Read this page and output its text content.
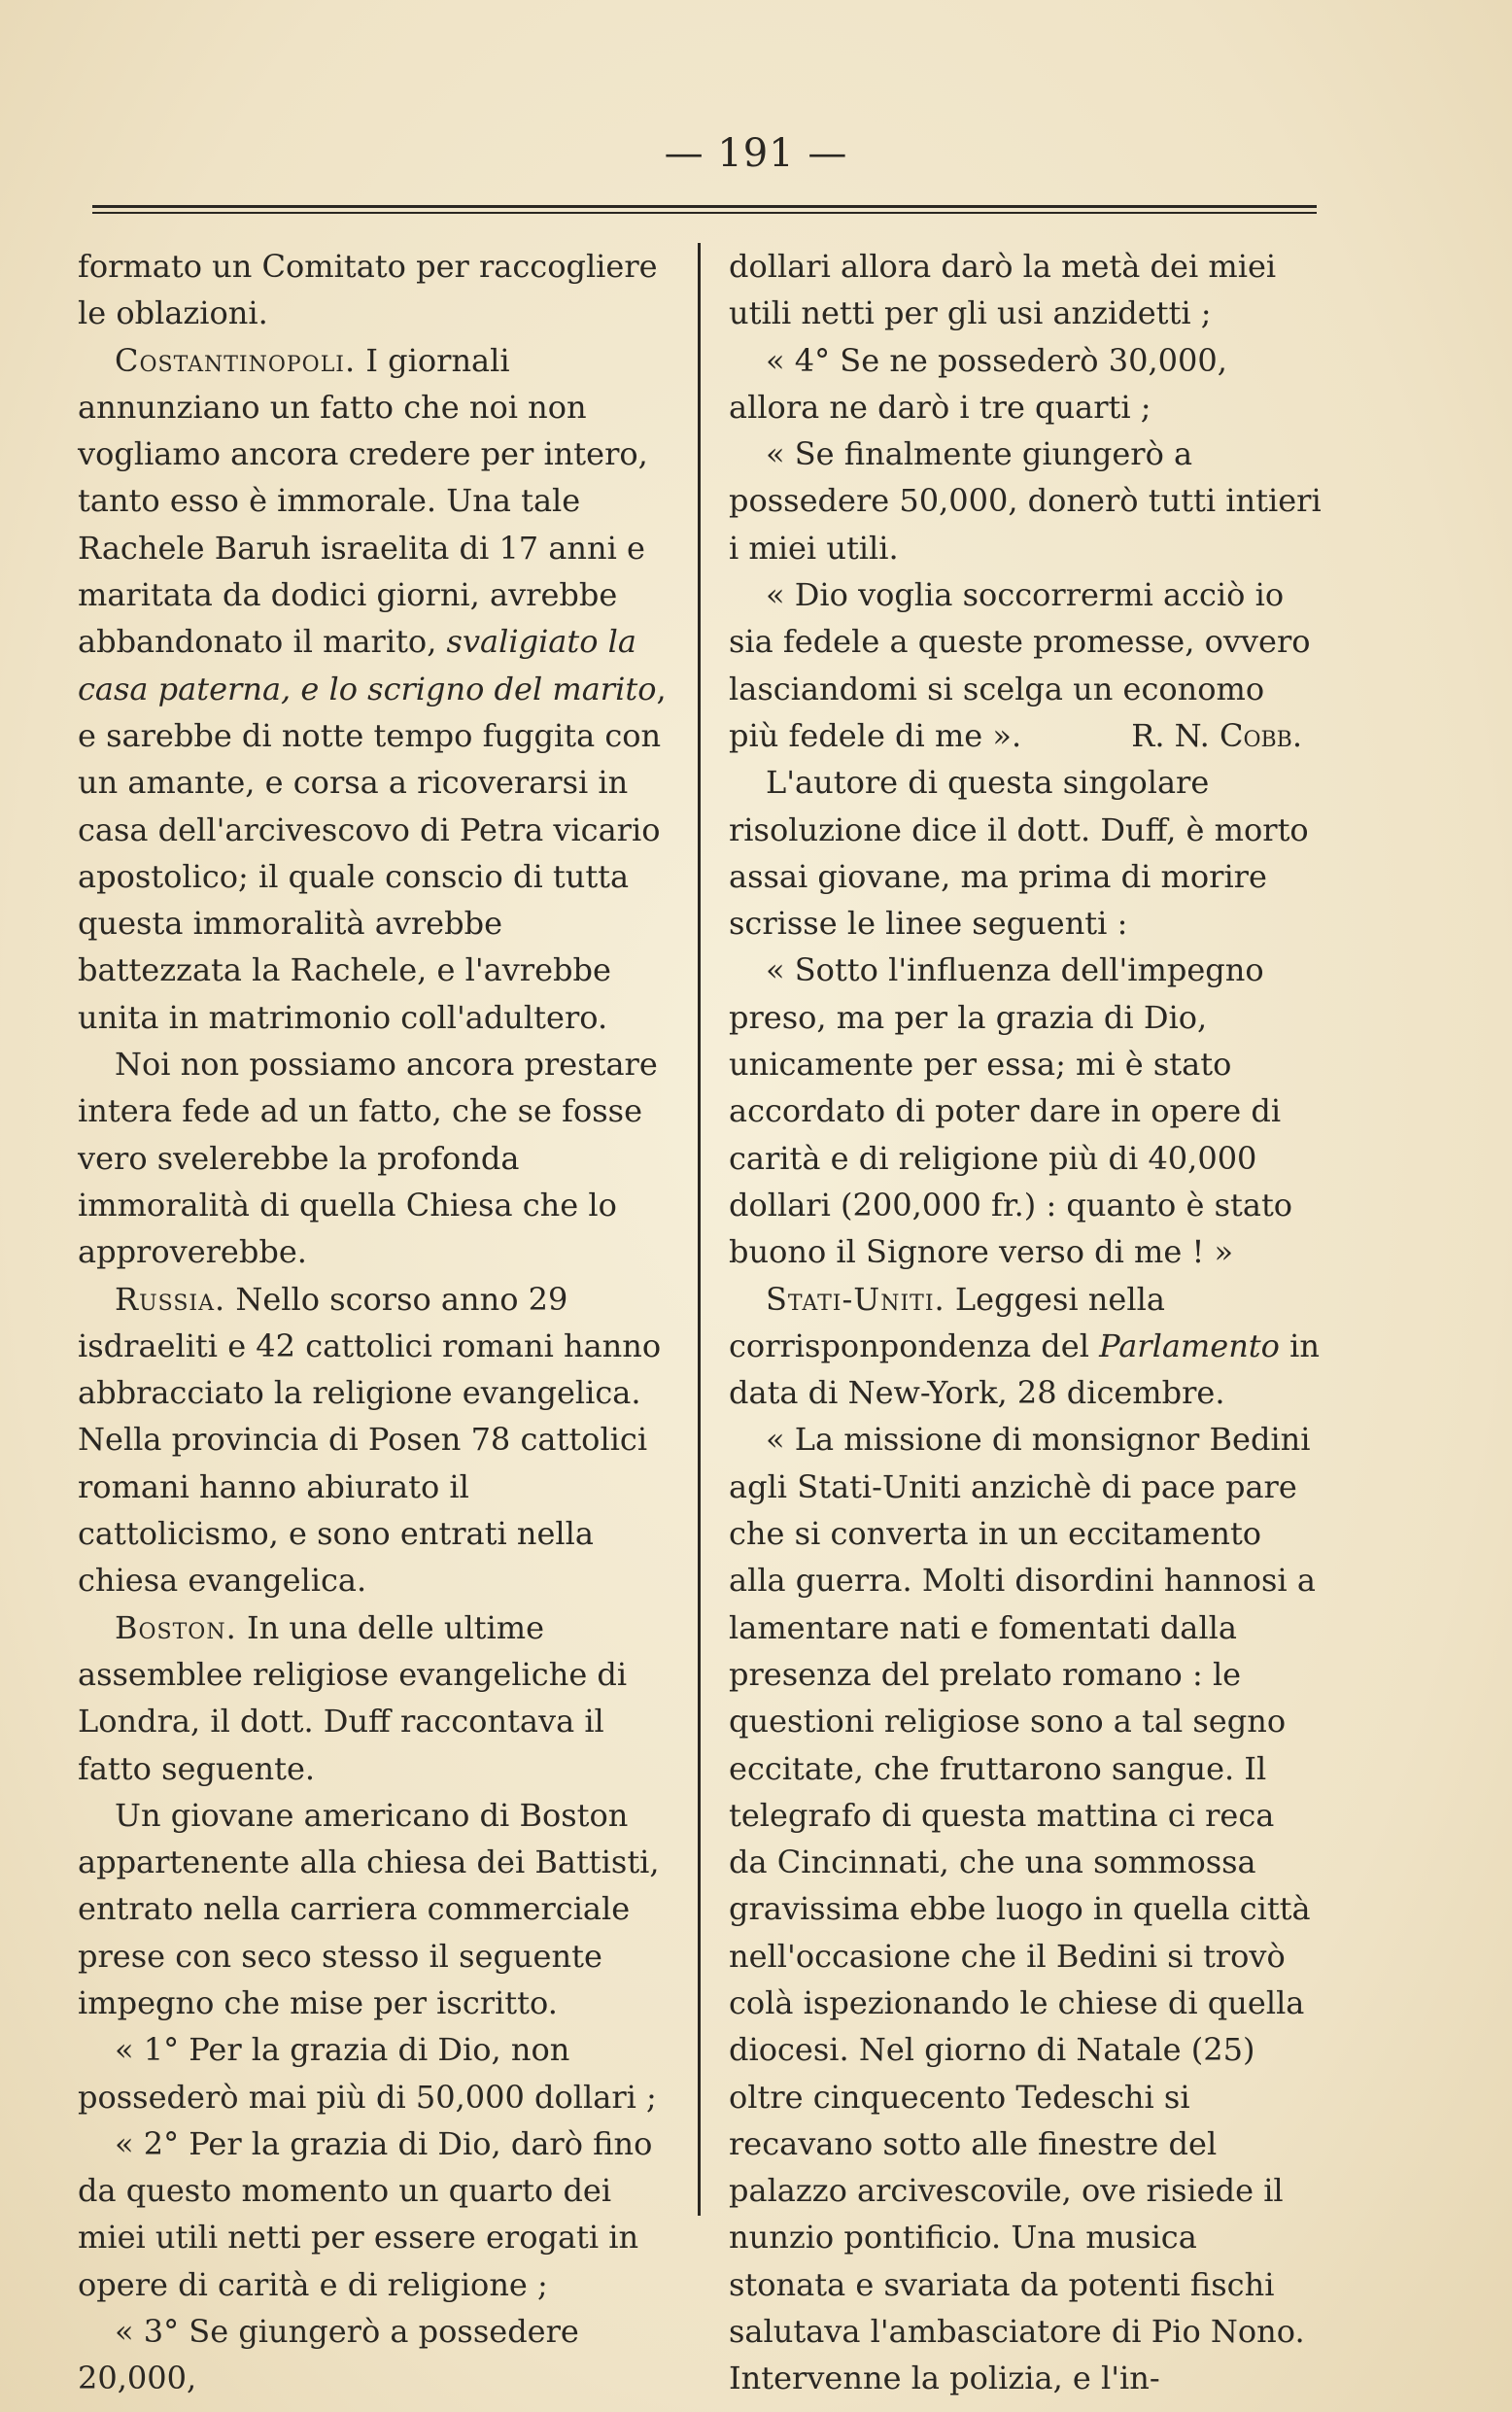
— 191 —

formato un Comitato per raccogliere le oblazioni.

Costantinopoli. I giornali annunziano un fatto che noi non vogliamo ancora credere per intero, tanto esso è immorale. Una tale Rachele Baruh israelita di 17 anni e maritata da dodici giorni, avrebbe abbandonato il marito, svaligiato la casa paterna, e lo scrigno del marito, e sarebbe di notte tempo fuggita con un amante, e corsa a ricoverarsi in casa dell'arcivescovo di Petra vicario apostolico; il quale conscio di tutta questa immoralità avrebbe battezzata la Rachele, e l'avrebbe unita in matrimonio coll'adultero.

Noi non possiamo ancora prestare intera fede ad un fatto, che se fosse vero svelerebbe la profonda immoralità di quella Chiesa che lo approverebbe.

Russia. Nello scorso anno 29 isdraeliti e 42 cattolici romani hanno abbracciato la religione evangelica. Nella provincia di Posen 78 cattolici romani hanno abiurato il cattolicismo, e sono entrati nella chiesa evangelica.

Boston. In una delle ultime assemblee religiose evangeliche di Londra, il dott. Duff raccontava il fatto seguente.

Un giovane americano di Boston appartenente alla chiesa dei Battisti, entrato nella carriera commerciale prese con seco stesso il seguente impegno che mise per iscritto.

« 1° Per la grazia di Dio, non possederò mai più di 50,000 dollari ;

« 2° Per la grazia di Dio, darò fino da questo momento un quarto dei miei utili netti per essere erogati in opere di carità e di religione ;

« 3° Se giungerò a possedere 20,000,

dollari allora darò la metà dei miei utili netti per gli usi anzidetti ;

« 4° Se ne possederò 30,000, allora ne darò i tre quarti ;

« Se finalmente giungerò a possedere 50,000, donerò tutti intieri i miei utili.

« Dio voglia soccorrermi acciò io sia fedele a queste promesse, ovvero lasciandomi si scelga un economo più fedele di me ».	R. N. Cobb.

L'autore di questa singolare risoluzione dice il dott. Duff, è morto assai giovane, ma prima di morire scrisse le linee seguenti :

« Sotto l'influenza dell'impegno preso, ma per la grazia di Dio, unicamente per essa; mi è stato accordato di poter dare in opere di carità e di religione più di 40,000 dollari (200,000 fr.) : quanto è stato buono il Signore verso di me ! »

Stati-Uniti. Leggesi nella corrisponpondenza del Parlamento in data di New-York, 28 dicembre.

« La missione di monsignor Bedini agli Stati-Uniti anzichè di pace pare che si converta in un eccitamento alla guerra. Molti disordini hannosi a lamentare nati e fomentati dalla presenza del prelato romano : le questioni religiose sono a tal segno eccitate, che fruttarono sangue. Il telegrafo di questa mattina ci reca da Cincinnati, che una sommossa gravissima ebbe luogo in quella città nell'occasione che il Bedini si trovò colà ispezionando le chiese di quella diocesi. Nel giorno di Natale (25) oltre cinquecento Tedeschi si recavano sotto alle finestre del palazzo arcivescovile, ove risiede il nunzio pontificio. Una musica stonata e svariata da potenti fischi salutava l'ambasciatore di Pio Nono. Intervenne la polizia, e l'in-
